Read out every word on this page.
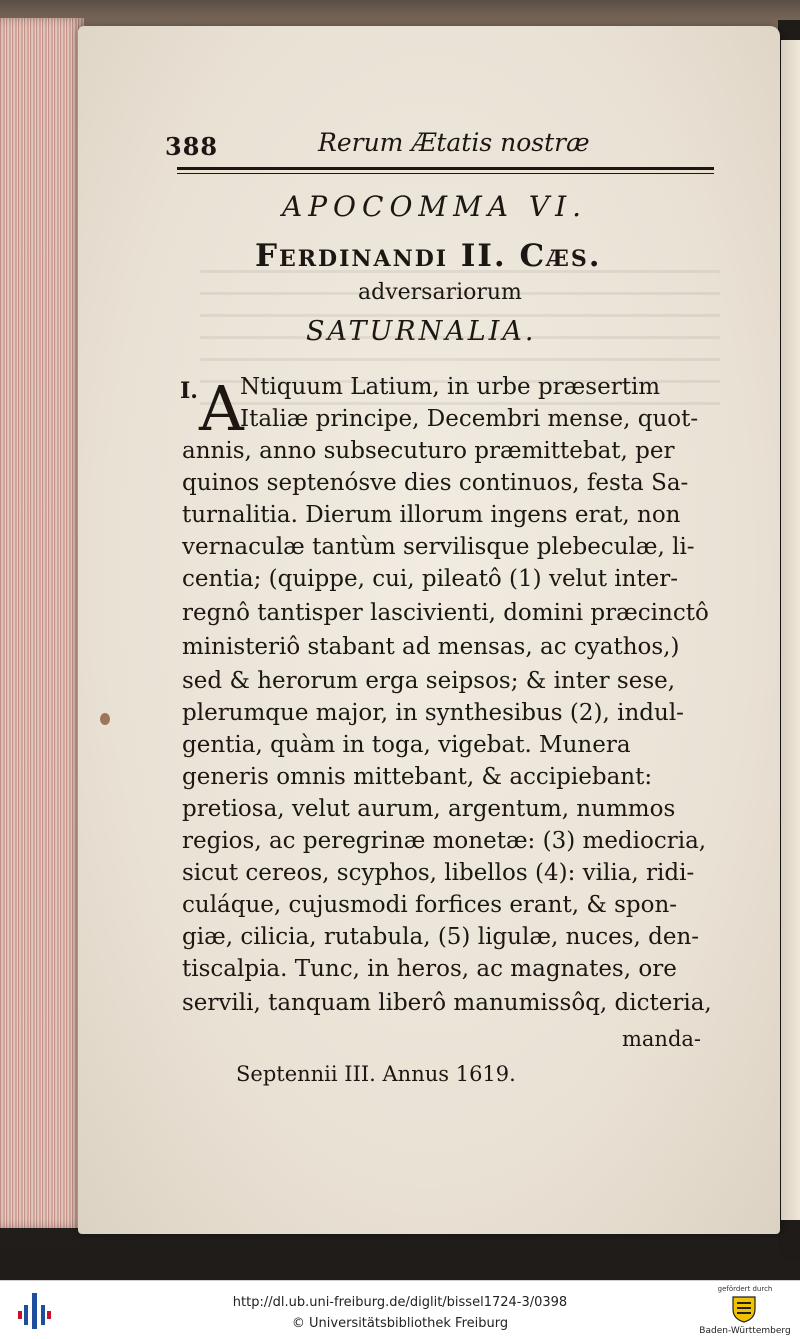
388	Rerum Ætatis nostræ
APOCOMMA VI.
Ferdinandi II. Cæs.
adversariorum
SATURNALIA.
I. A
Ntiquum Latium, in urbe præsertim
Italiæ principe, Decembri mense, quot-
annis, anno subsecuturo præmittebat, per
quinos septenósve dies continuos, festa Sa-
turnalitia. Dierum illorum ingens erat, non
vernaculæ tantùm servilisque plebeculæ, li-
centia; (quippe, cui, pileatô (1) velut inter-
regnô tantisper lascivienti, domini præcinctô
ministeriô stabant ad mensas, ac cyathos,)
sed & herorum erga seipsos; & inter sese,
plerumque major, in synthesibus (2), indul-
gentia, quàm in toga, vigebat. Munera
generis omnis mittebant, & accipiebant:
pretiosa, velut aurum, argentum, nummos
regios, ac peregrinæ monetæ: (3) mediocria,
sicut cereos, scyphos, libellos (4): vilia, ridi-
culáque, cujusmodi forfices erant, & spon-
giæ, cilicia, rutabula, (5) ligulæ, nuces, den-
tiscalpia. Tunc, in heros, ac magnates, ore
servili, tanquam liberô manumissôq, dicteria,
manda-
Septennii III. Annus 1619.
http://dl.ub.uni-freiburg.de/diglit/bissel1724-3/0398
© Universitätsbibliothek Freiburg
gefördert durch
Baden-Württemberg
